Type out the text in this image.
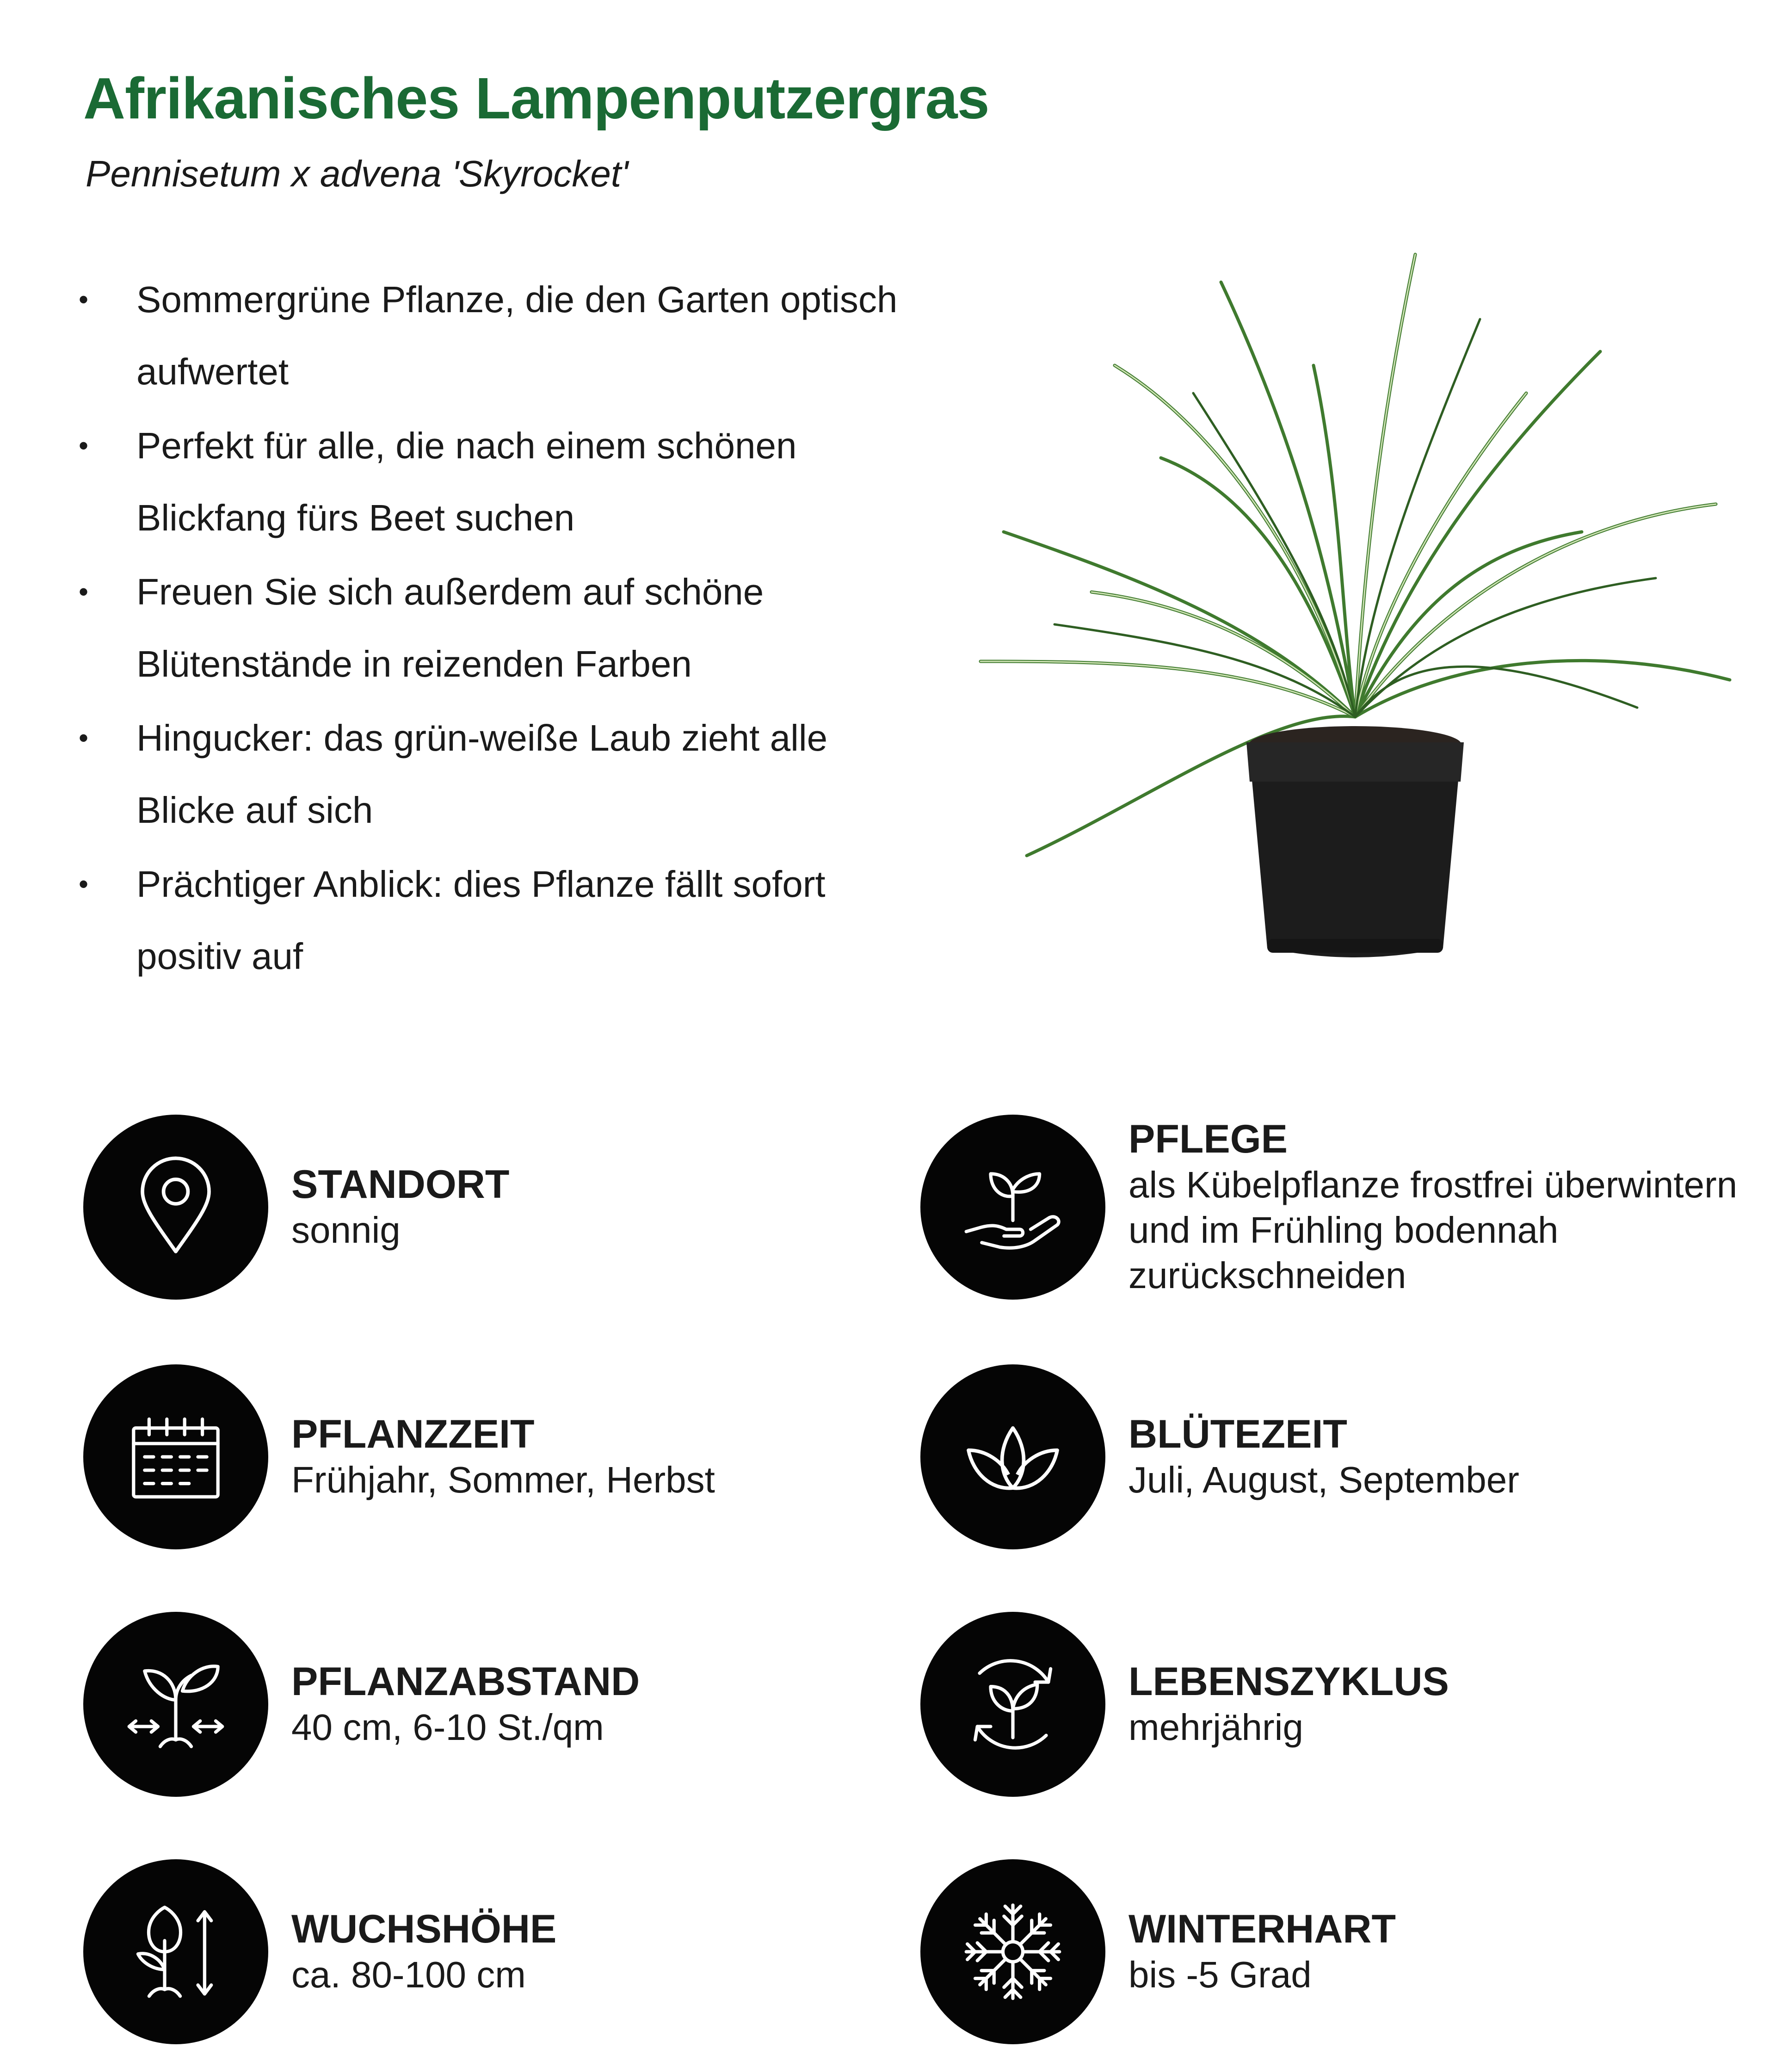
Afrikanisches Lampenputzergras
Pennisetum x advena 'Skyrocket'
• Sommergrüne Pflanze, die den Garten optisch aufwertet
• Perfekt für alle, die nach einem schönen Blickfang fürs Beet suchen
• Freuen Sie sich außerdem auf schöne Blütenstände in reizenden Farben
• Hingucker: das grün-weiße Laub zieht alle Blicke auf sich
• Prächtiger Anblick: dies Pflanze fällt sofort positiv auf
STANDORT
sonnig
PFLEGE
als Kübelpflanze frostfrei überwintern und im Frühling bodennah zurückschneiden
PFLANZZEIT
Frühjahr, Sommer, Herbst
BLÜTEZEIT
Juli, August, September
PFLANZABSTAND
40 cm, 6-10 St./qm
LEBENSZYKLUS
mehrjährig
WUCHSHÖHE
ca. 80-100 cm
WINTERHART
bis -5 Grad
